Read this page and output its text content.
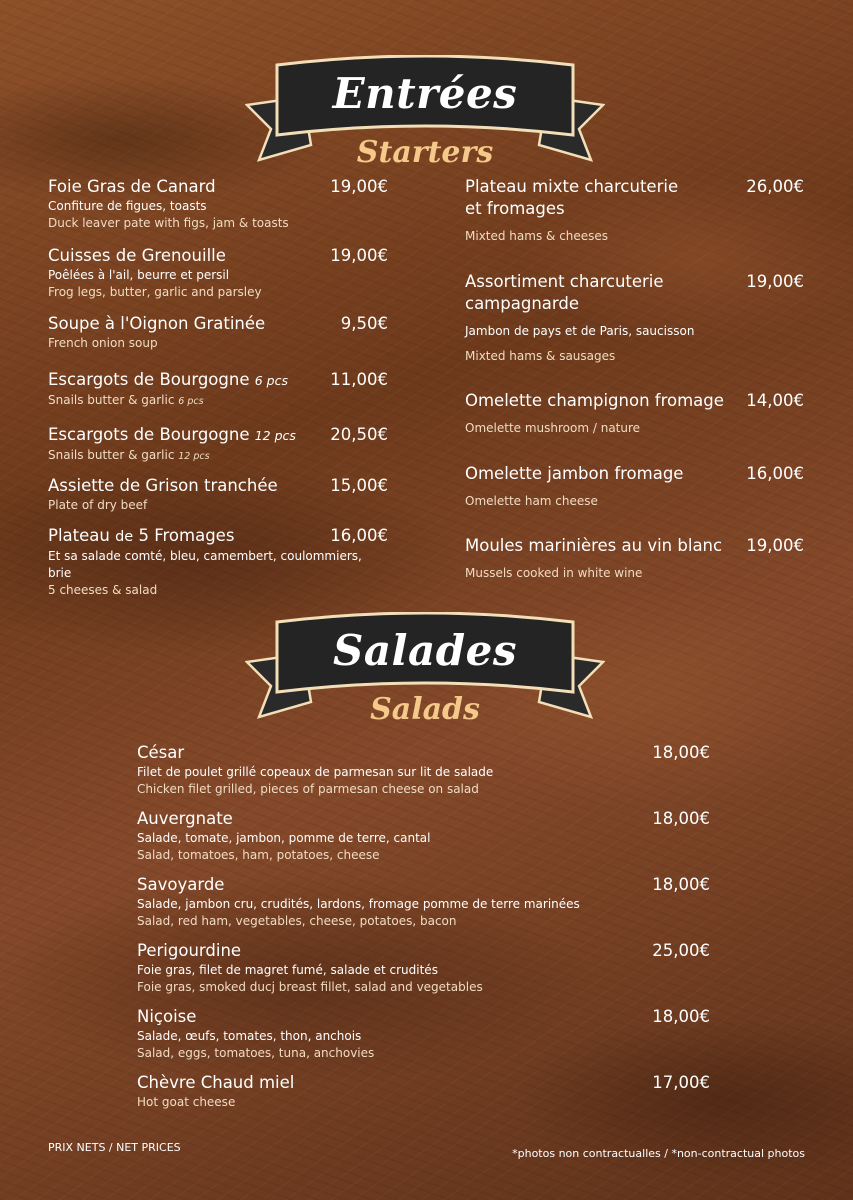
Entrées
Starters
Foie Gras de Canard	19,00€
Confiture de figues, toasts
Duck leaver pate with figs, jam & toasts
Cuisses de Grenouille	19,00€
Poêlées à l'ail, beurre et persil
Frog legs, butter, garlic and parsley
Soupe à l'Oignon Gratinée	9,50€
French onion soup
Escargots de Bourgogne 6 pcs	11,00€
Snails butter & garlic 6 pcs
Escargots de Bourgogne 12 pcs	20,50€
Snails butter & garlic 12 pcs
Assiette de Grison tranchée	15,00€
Plate of dry beef
Plateau de 5 Fromages	16,00€
Et sa salade comté, bleu, camembert, coulommiers, brie
5 cheeses & salad
Plateau mixte charcuterie
et fromages
26,00€
Mixted hams & cheeses
Assortiment charcuterie
campagnarde
19,00€
Jambon de pays et de Paris, saucisson
Mixted hams & sausages
Omelette champignon fromage	14,00€
Omelette mushroom / nature
Omelette jambon fromage	16,00€
Omelette ham cheese
Moules marinières au vin blanc	19,00€
Mussels cooked in white wine
Salades
Salads
César	18,00€
Filet de poulet grillé copeaux de parmesan sur lit de salade
Chicken filet grilled, pieces of parmesan cheese on salad
Auvergnate	18,00€
Salade, tomate, jambon, pomme de terre, cantal
Salad, tomatoes, ham, potatoes, cheese
Savoyarde	18,00€
Salade, jambon cru, crudités, lardons, fromage pomme de terre marinées
Salad, red ham, vegetables, cheese, potatoes, bacon
Perigourdine	25,00€
Foie gras, filet de magret fumé, salade et crudités
Foie gras, smoked ducj breast fillet, salad and vegetables
Niçoise	18,00€
Salade, œufs, tomates, thon, anchois
Salad, eggs, tomatoes, tuna, anchovies
Chèvre Chaud miel	17,00€
Hot goat cheese
PRIX NETS / NET PRICES	*photos non contractualles / *non-contractual photos
